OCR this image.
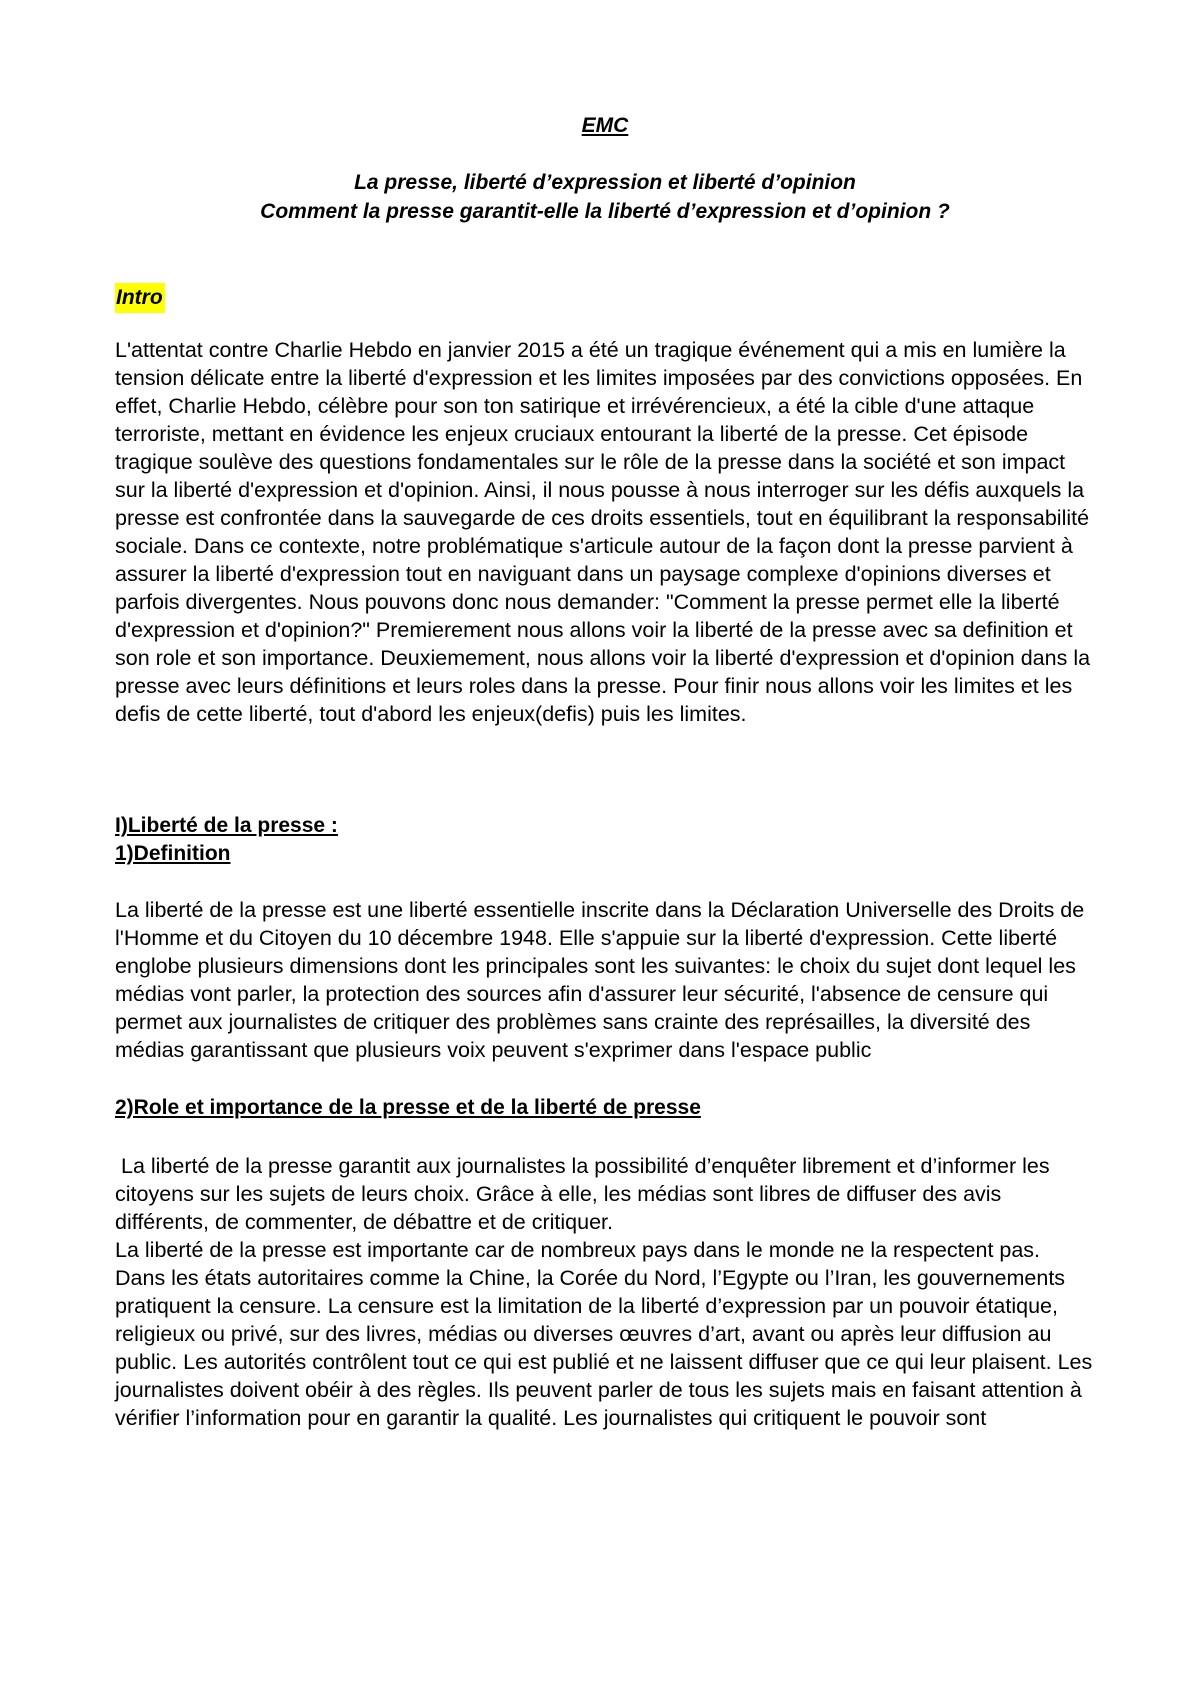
EMC

La presse, liberté d’expression et liberté d’opinion

Comment la presse garantit-elle la liberté d’expression et d’opinion ?

Intro

L'attentat contre Charlie Hebdo en janvier 2015 a été un tragique événement qui a mis en lumière la tension délicate entre la liberté d'expression et les limites imposées par des convictions opposées. En effet, Charlie Hebdo, célèbre pour son ton satirique et irrévérencieux, a été la cible d'une attaque terroriste, mettant en évidence les enjeux cruciaux entourant la liberté de la presse. Cet épisode tragique soulève des questions fondamentales sur le rôle de la presse dans la société et son impact sur la liberté d'expression et d'opinion. Ainsi, il nous pousse à nous interroger sur les défis auxquels la presse est confrontée dans la sauvegarde de ces droits essentiels, tout en équilibrant la responsabilité sociale. Dans ce contexte, notre problématique s'articule autour de la façon dont la presse parvient à assurer la liberté d'expression tout en naviguant dans un paysage complexe d'opinions diverses et parfois divergentes. Nous pouvons donc nous demander: "Comment la presse permet elle la liberté d'expression et d'opinion?" Premierement nous allons voir la liberté de la presse avec sa definition et son role et son importance. Deuxiemement, nous allons voir la liberté d'expression et d'opinion dans la presse avec leurs définitions et leurs roles dans la presse. Pour finir nous allons voir les limites et les defis de cette liberté, tout d'abord les enjeux(defis) puis les limites.

I)Liberté de la presse :

1)Definition

La liberté de la presse est une liberté essentielle inscrite dans la Déclaration Universelle des Droits de l'Homme et du Citoyen du 10 décembre 1948. Elle s'appuie sur la liberté d'expression. Cette liberté englobe plusieurs dimensions dont les principales sont les suivantes: le choix du sujet dont lequel les médias vont parler, la protection des sources afin d'assurer leur sécurité, l'absence de censure qui permet aux journalistes de critiquer des problèmes sans crainte des représailles, la diversité des médias garantissant que plusieurs voix peuvent s'exprimer dans l'espace public

2)Role et importance de la presse et de la liberté de presse

La liberté de la presse garantit aux journalistes la possibilité d’enquêter librement et d’informer les citoyens sur les sujets de leurs choix. Grâce à elle, les médias sont libres de diffuser des avis différents, de commenter, de débattre et de critiquer.

La liberté de la presse est importante car de nombreux pays dans le monde ne la respectent pas. Dans les états autoritaires comme la Chine, la Corée du Nord, l’Egypte ou l’Iran, les gouvernements pratiquent la censure. La censure est la limitation de la liberté d’expression par un pouvoir étatique, religieux ou privé, sur des livres, médias ou diverses œuvres d’art, avant ou après leur diffusion au public. Les autorités contrôlent tout ce qui est publié et ne laissent diffuser que ce qui leur plaisent. Les journalistes doivent obéir à des règles. Ils peuvent parler de tous les sujets mais en faisant attention à vérifier l’information pour en garantir la qualité. Les journalistes qui critiquent le pouvoir sont
